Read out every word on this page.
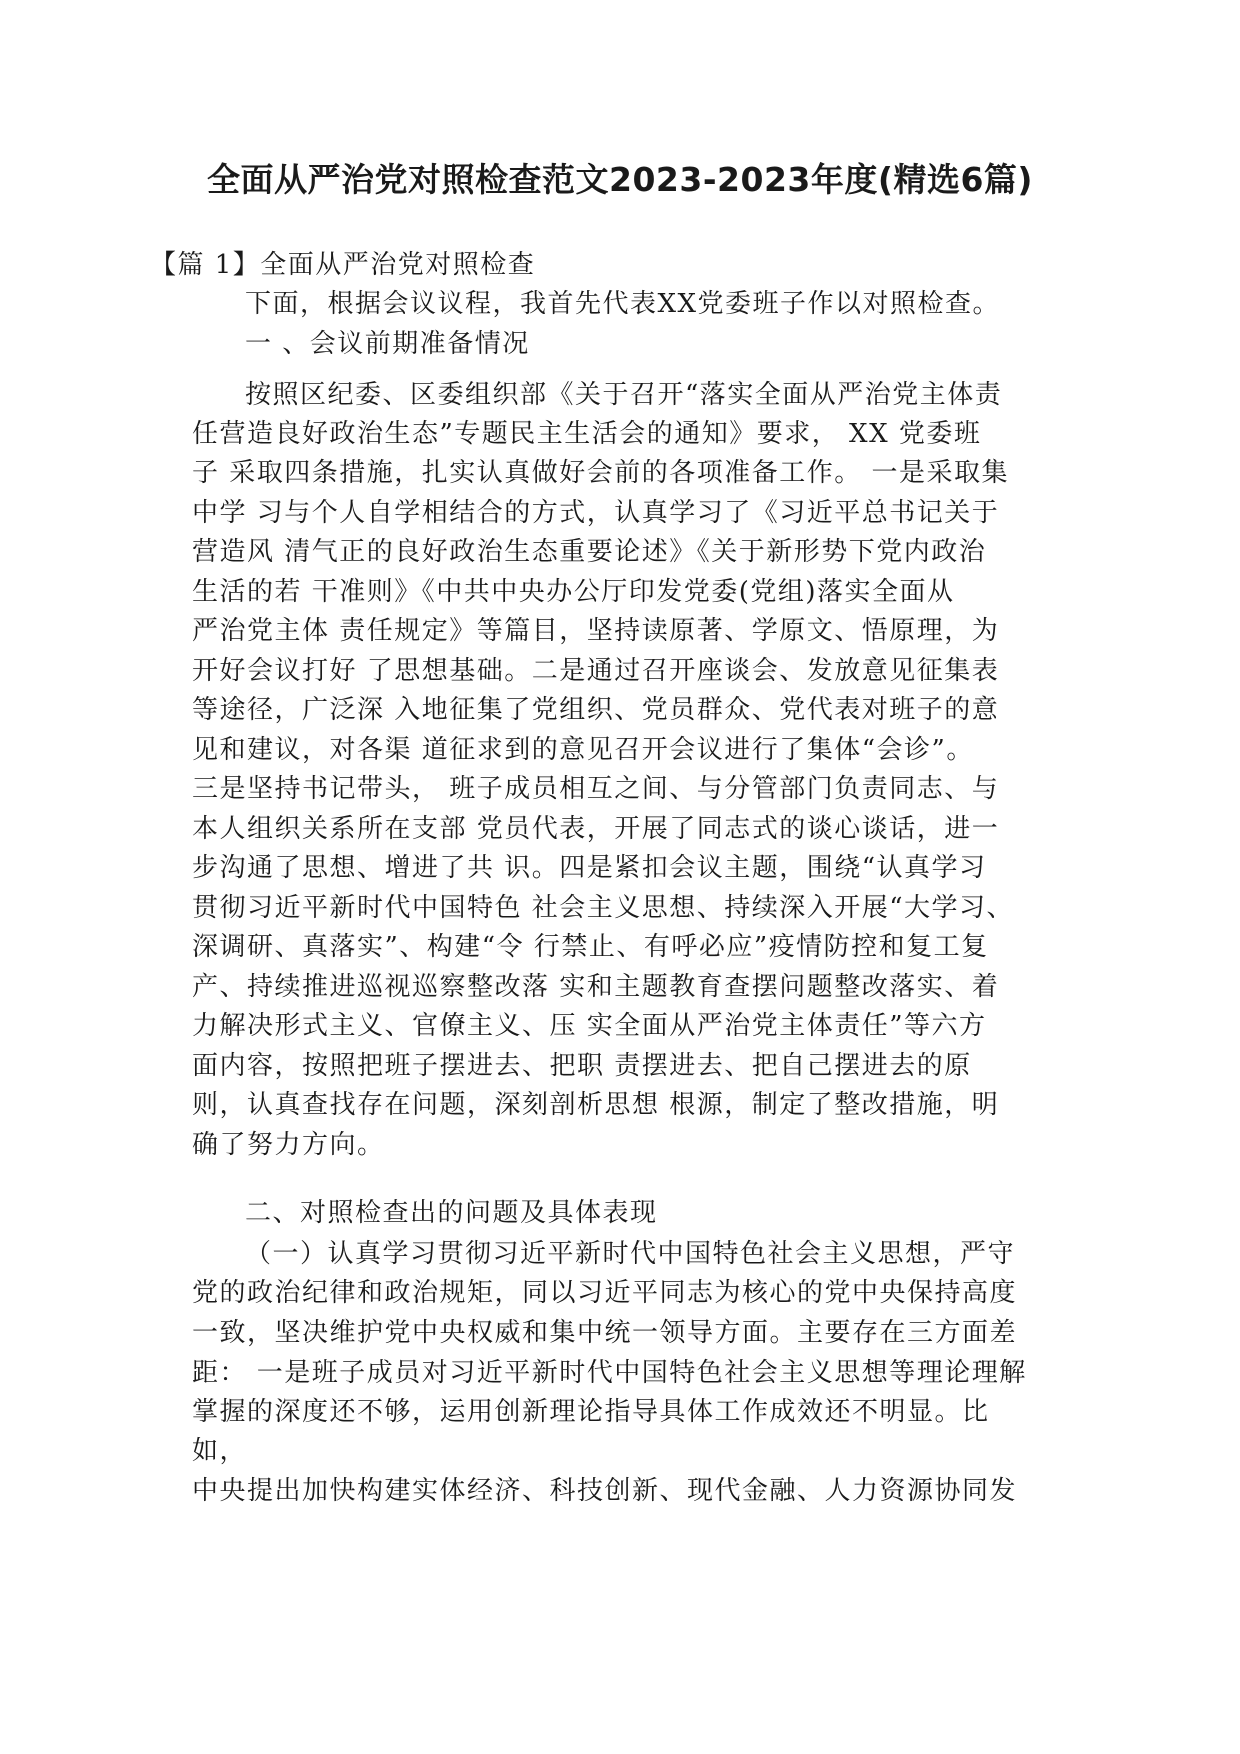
全面从严治党对照检查范文2023-2023年度(精选6篇)
【篇 1】全面从严治党对照检查
下面，根据会议议程，我首先代表XX党委班子作以对照检查。
一 、会议前期准备情况
按照区纪委、区委组织部《关于召开“落实全面从严治党主体责
任营造良好政治生态”专题民主生活会的通知》要求， XX 党委班
子 采取四条措施，扎实认真做好会前的各项准备工作。 一是采取集
中学 习与个人自学相结合的方式，认真学习了《习近平总书记关于
营造风 清气正的良好政治生态重要论述》《关于新形势下党内政治
生活的若 干准则》《中共中央办公厅印发党委(党组)落实全面从
严治党主体 责任规定》等篇目，坚持读原著、学原文、悟原理，为
开好会议打好 了思想基础。二是通过召开座谈会、发放意见征集表
等途径，广泛深 入地征集了党组织、党员群众、党代表对班子的意
见和建议，对各渠 道征求到的意见召开会议进行了集体“会诊”。
三是坚持书记带头， 班子成员相互之间、与分管部门负责同志、与
本人组织关系所在支部 党员代表，开展了同志式的谈心谈话，进一
步沟通了思想、增进了共 识。四是紧扣会议主题，围绕“认真学习
贯彻习近平新时代中国特色 社会主义思想、持续深入开展“大学习、
深调研、真落实”、构建“令 行禁止、有呼必应”疫情防控和复工复
产、持续推进巡视巡察整改落 实和主题教育查摆问题整改落实、着
力解决形式主义、官僚主义、压 实全面从严治党主体责任”等六方
面内容，按照把班子摆进去、把职 责摆进去、把自己摆进去的原
则，认真查找存在问题，深刻剖析思想 根源，制定了整改措施，明
确了努力方向。
二、对照检查出的问题及具体表现
（一）认真学习贯彻习近平新时代中国特色社会主义思想，严守
党的政治纪律和政治规矩，同以习近平同志为核心的党中央保持高度
一致，坚决维护党中央权威和集中统一领导方面。主要存在三方面差
距： 一是班子成员对习近平新时代中国特色社会主义思想等理论理解
掌握的深度还不够，运用创新理论指导具体工作成效还不明显。比
如，
中央提出加快构建实体经济、科技创新、现代金融、人力资源协同发
